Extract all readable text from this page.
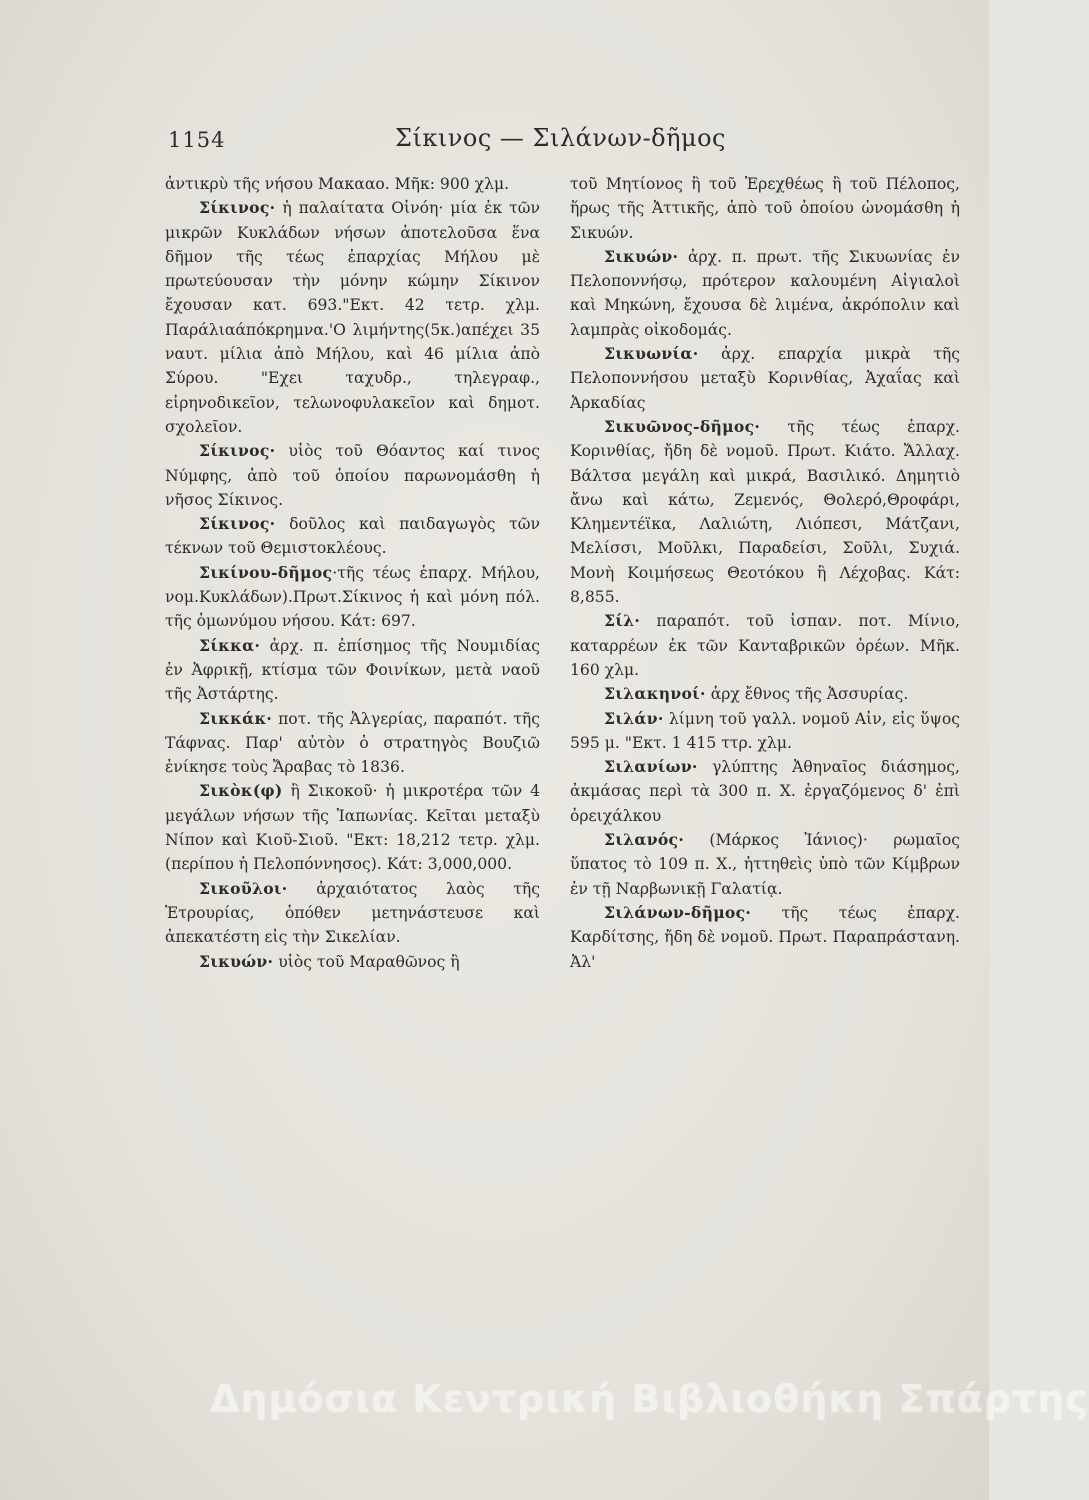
1154	Σίκινος — Σιλάνων-δῆμος

ἀντικρὺ τῆς νήσου Μακααο. Μῆκ: 900 χλμ.

Σίκινος· ἡ παλαίτατα Οἰνόη· μία ἐκ τῶν μικρῶν Κυκλάδων νήσων ἀποτελοῦσα ἕνα δῆμον τῆς τέως ἐπαρχίας Μήλου μὲ πρωτεύουσαν τὴν μόνην κώμην Σίκινον ἔχουσαν κατ. 693."Εκτ. 42 τετρ. χλμ. Παράλιαάπόκρημνα.'Ο λιμήντης(5κ.)απέχει 35 ναυτ. μίλια ἀπὸ Μήλου, καὶ 46 μίλια ἀπὸ Σύρου. "Εχει ταχυδρ., τηλεγραφ., εἰρηνοδικεῖον, τελωνοφυλακεῖον καὶ δημοτ. σχολεῖον.

Σίκινος· υἱὸς τοῦ Θόαντος καί τινος Νύμφης, ἀπὸ τοῦ ὁποίου παρωνομάσθη ἡ νῆσος Σίκινος.

Σίκινος· δοῦλος καὶ παιδαγωγὸς τῶν τέκνων τοῦ Θεμιστοκλέους.

Σικίνου-δῆμος·τῆς τέως ἐπαρχ. Μήλου, νομ.Κυκλάδων).Πρωτ.Σίκινος ἡ καὶ μόνη πόλ. τῆς ὁμωνύμου νήσου. Κάτ: 697.

Σίκκα· ἀρχ. π. ἐπίσημος τῆς Νουμιδίας ἐν Ἀφρικῇ, κτίσμα τῶν Φοινίκων, μετὰ ναοῦ τῆς Ἀστάρτης.

Σικκάκ· ποτ. τῆς Ἀλγερίας, παραπότ. τῆς Τάφνας. Παρ' αὐτὸν ὁ στρατηγὸς Βουζιῶ ἐνίκησε τοὺς Ἄραβας τὸ 1836.

Σικὸκ(φ) ἢ Σικοκοῦ· ἡ μικροτέρα τῶν 4 μεγάλων νήσων τῆς Ἰαπωνίας. Κεῖται μεταξὺ Νίπον καὶ Κιοῦ-Σιοῦ. "Εκτ: 18,212 τετρ. χλμ. (περίπου ἡ Πελοπόννησος). Κάτ: 3,000,000.

Σικοῦλοι· ἀρχαιότατος λαὸς τῆς Ἐτρουρίας, ὁπόθεν μετηνάστευσε καὶ ἀπεκατέστη εἰς τὴν Σικελίαν.

Σικυών· υἱὸς τοῦ Μαραθῶνος ἢ

τοῦ Μητίονος ἢ τοῦ Ἐρεχθέως ἢ τοῦ Πέλοπος, ἥρως τῆς Ἀττικῆς, ἀπὸ τοῦ ὁποίου ὠνομάσθη ἡ Σικυών.

Σικυών· ἀρχ. π. πρωτ. τῆς Σικυωνίας ἐν Πελοποννήσῳ, πρότερον καλουμένη Αἰγιαλοὶ καὶ Μηκώνη, ἔχουσα δὲ λιμένα, ἀκρόπολιν καὶ λαμπρὰς οἰκοδομάς.

Σικυωνία· ἀρχ. επαρχία μικρὰ τῆς Πελοποννήσου μεταξὺ Κορινθίας, Ἀχαΐας καὶ Ἀρκαδίας

Σικυῶνος-δῆμος· τῆς τέως ἐπαρχ. Κορινθίας, ἤδη δὲ νομοῦ. Πρωτ. Κιάτο. Ἄλλαχ. Βάλτσα μεγάλη καὶ μικρά, Βασιλικό. Δημητιὸ ἄνω καὶ κάτω, Ζεμενός, Θολερό,Θροφάρι, Κλημεντέϊκα, Λαλιώτη, Λιόπεσι, Μάτζανι, Μελίσσι, Μοῦλκι, Παραδείσι, Σοῦλι, Συχιά. Μονὴ Κοιμήσεως Θεοτόκου ἢ Λέχοβας. Κάτ: 8,855.

Σίλ· παραπότ. τοῦ ἰσπαν. ποτ. Μίνιο, καταρρέων ἐκ τῶν Κανταβρικῶν ὀρέων. Μῆκ. 160 χλμ.

Σιλακηνοί· ἀρχ ἔθνος τῆς Ἀσσυρίας.

Σιλάν· λίμνη τοῦ γαλλ. νομοῦ Αἰν, εἰς ὕψος 595 μ. "Εκτ. 1 415 ττρ. χλμ.

Σιλανίων· γλύπτης Ἀθηναῖος διάσημος, ἀκμάσας περὶ τὰ 300 π. Χ. ἐργαζόμενος δ' ἐπὶ ὀρειχάλκου

Σιλανός· (Μάρκος Ἰάνιος)· ρωμαῖος ὕπατος τὸ 109 π. Χ., ἡττηθεὶς ὑπὸ τῶν Κίμβρων ἐν τῇ Ναρβωνικῇ Γαλατίᾳ.

Σιλάνων-δῆμος· τῆς τέως ἐπαρχ. Καρδίτσης, ἤδη δὲ νομοῦ. Πρωτ. Παραπράστανη. Ἀλ'

Δημόσια Κεντρική Βιβλιοθήκη Σπάρτης
